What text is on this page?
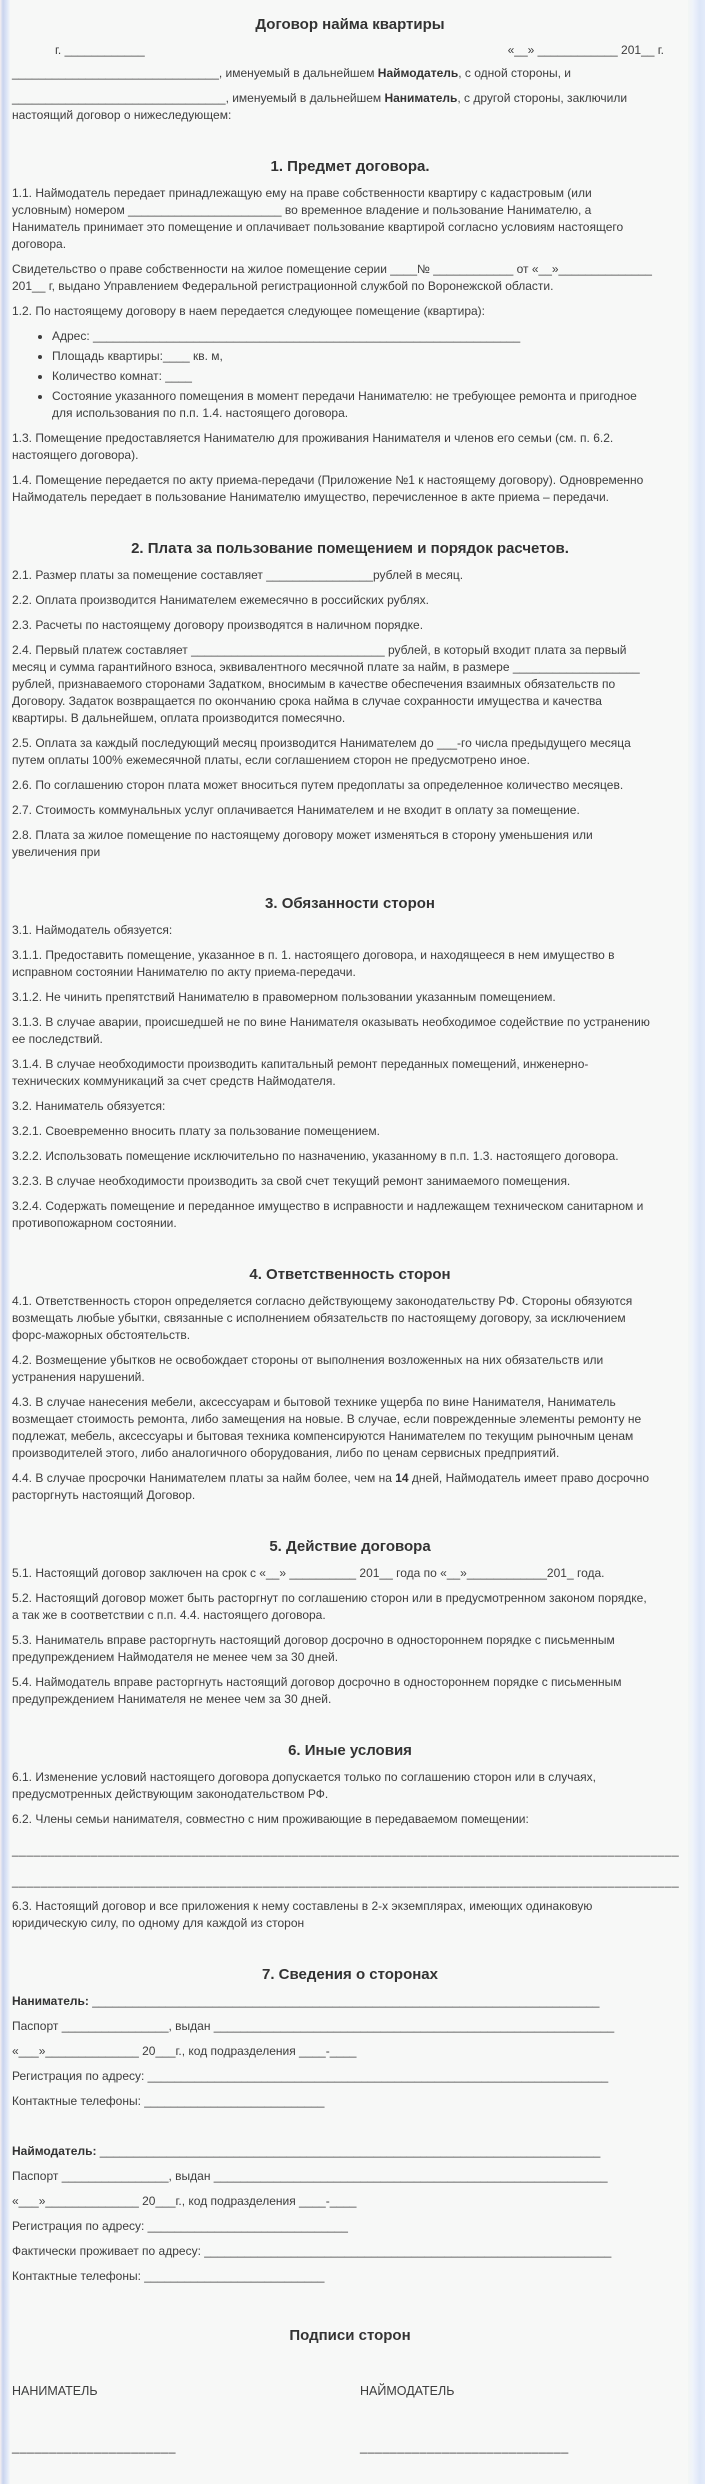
Договор найма квартиры
г. ____________	«__» ____________ 201__ г.

_______________________________, именуемый в дальнейшем Наймодатель, с одной стороны, и

________________________________, именуемый в дальнейшем Наниматель, с другой стороны, заключили настоящий договор о нижеследующем:

1. Предмет договора.

1.1. Наймодатель передает принадлежащую ему на праве собственности квартиру с кадастровым (или условным) номером _______________________ во временное владение и пользование Нанимателю, а Наниматель принимает это помещение и оплачивает пользование квартирой согласно условиям настоящего договора.

Свидетельство о праве собственности на жилое помещение серии ____№ ____________ от «__»______________ 201__ г, выдано Управлением Федеральной регистрационной службой по Воронежской области.

1.2. По настоящему договору в наем передается следующее помещение (квартира):

• Адрес: ________________________________________________________________
• Площадь квартиры:____ кв. м,
• Количество комнат: ____
• Состояние указанного помещения в момент передачи Нанимателю: не требующее ремонта и пригодное для использования по п.п. 1.4. настоящего договора.

1.3. Помещение предоставляется Нанимателю для проживания Нанимателя и членов его семьи (см. п. 6.2. настоящего договора).

1.4. Помещение передается по акту приема-передачи (Приложение №1 к настоящему договору). Одновременно Наймодатель передает в пользование Нанимателю имущество, перечисленное в акте приема – передачи.

2. Плата за пользование помещением и порядок расчетов.

2.1. Размер платы за помещение составляет ________________рублей в месяц.

2.2. Оплата производится Нанимателем ежемесячно в российских рублях.

2.3. Расчеты по настоящему договору производятся в наличном порядке.

2.4. Первый платеж составляет _____________________________ рублей, в который входит плата за первый месяц и сумма гарантийного взноса, эквивалентного месячной плате за найм, в размере ___________________ рублей, признаваемого сторонами Задатком, вносимым в качестве обеспечения взаимных обязательств по Договору. Задаток возвращается по окончанию срока найма в случае сохранности имущества и качества квартиры. В дальнейшем, оплата производится помесячно.

2.5. Оплата за каждый последующий месяц производится Нанимателем до ___-го числа предыдущего месяца путем оплаты 100% ежемесячной платы, если соглашением сторон не предусмотрено иное.

2.6. По соглашению сторон плата может вноситься путем предоплаты за определенное количество месяцев.

2.7. Стоимость коммунальных услуг оплачивается Нанимателем и не входит в оплату за помещение.

2.8. Плата за жилое помещение по настоящему договору может изменяться в сторону уменьшения или увеличения при

3. Обязанности сторон

3.1. Наймодатель обязуется:

3.1.1. Предоставить помещение, указанное в п. 1. настоящего договора, и находящееся в нем имущество в исправном состоянии Нанимателю по акту приема-передачи.

3.1.2. Не чинить препятствий Нанимателю в правомерном пользовании указанным помещением.

3.1.3. В случае аварии, происшедшей не по вине Нанимателя оказывать необходимое содействие по устранению ее последствий.

3.1.4. В случае необходимости производить капитальный ремонт переданных помещений, инженерно-технических коммуникаций за счет средств Наймодателя.

3.2. Наниматель обязуется:

3.2.1. Своевременно вносить плату за пользование помещением.

3.2.2. Использовать помещение исключительно по назначению, указанному в п.п. 1.3. настоящего договора.

3.2.3. В случае необходимости производить за свой счет текущий ремонт занимаемого помещения.

3.2.4. Содержать помещение и переданное имущество в исправности и надлежащем техническом санитарном и противопожарном состоянии.

4. Ответственность сторон

4.1. Ответственность сторон определяется согласно действующему законодательству РФ. Стороны обязуются возмещать любые убытки, связанные с исполнением обязательств по настоящему договору, за исключением форс-мажорных обстоятельств.

4.2. Возмещение убытков не освобождает стороны от выполнения возложенных на них обязательств или устранения нарушений.

4.3. В случае нанесения мебели, аксессуарам и бытовой технике ущерба по вине Нанимателя, Наниматель возмещает стоимость ремонта, либо замещения на новые. В случае, если поврежденные элементы ремонту не подлежат, мебель, аксессуары и бытовая техника компенсируются Нанимателем по текущим рыночным ценам производителей этого, либо аналогичного оборудования, либо по ценам сервисных предприятий.

4.4. В случае просрочки Нанимателем платы за найм более, чем на 14 дней, Наймодатель имеет право досрочно расторгнуть настоящий Договор.

5. Действие договора

5.1. Настоящий договор заключен на срок с «__» __________ 201__ года по «__»____________201_ года.

5.2. Настоящий договор может быть расторгнут по соглашению сторон или в предусмотренном законом порядке, а так же в соответствии с п.п. 4.4. настоящего договора.

5.3. Наниматель вправе расторгнуть настоящий договор досрочно в одностороннем порядке с письменным предупреждением Наймодателя не менее чем за 30 дней.

5.4. Наймодатель вправе расторгнуть настоящий договор досрочно в одностороннем порядке с письменным предупреждением Нанимателя не менее чем за 30 дней.

6. Иные условия

6.1. Изменение условий настоящего договора допускается только по соглашению сторон или в случаях, предусмотренных действующим законодательством РФ.

6.2. Члены семьи нанимателя, совместно с ним проживающие в передаваемом помещении:

_____________________________________________________________________________________________

_____________________________________________________________________________________________

6.3. Настоящий договор и все приложения к нему составлены в 2-х экземплярах, имеющих одинаковую юридическую силу, по одному для каждой из сторон

7. Сведения о сторонах

Наниматель: ____________________________________________________________________________

Паспорт ________________, выдан ____________________________________________________________

«___»______________ 20___г., код подразделения ____-____

Регистрация по адресу: _____________________________________________________________________

Контактные телефоны: ___________________________

Наймодатель: ___________________________________________________________________________

Паспорт ________________, выдан ___________________________________________________________

«___»______________ 20___г., код подразделения ____-____

Регистрация по адресу: ______________________________

Фактически проживает по адресу: _____________________________________________________________

Контактные телефоны: ___________________________

Подписи сторон
НАНИМАТЕЛЬ	НАЙМОДАТЕЛЬ
______________________	____________________________
